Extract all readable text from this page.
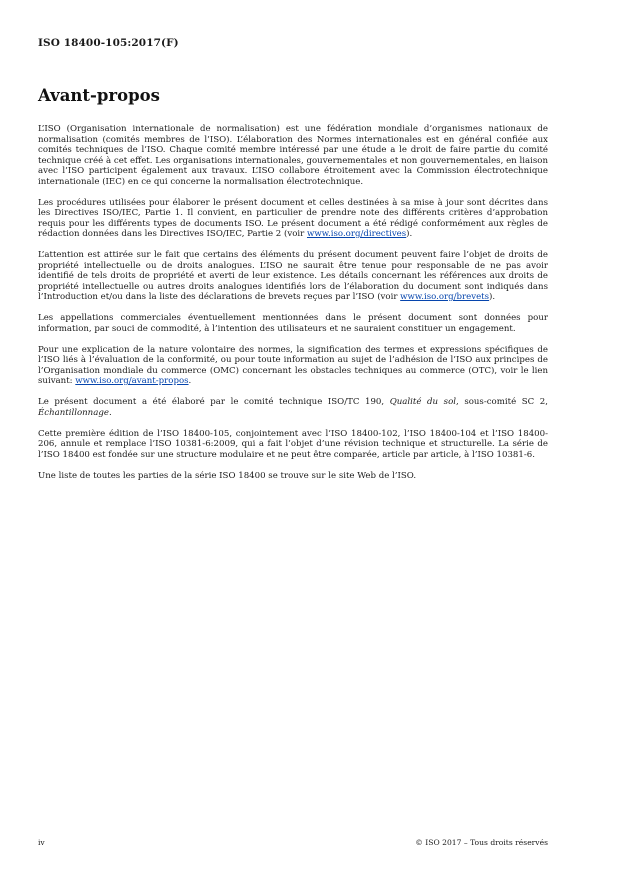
ISO 18400-105:2017(F)
Avant-propos

L’ISO (Organisation internationale de normalisation) est une fédération mondiale d’organismes nationaux de normalisation (comités membres de l’ISO). L’élaboration des Normes internationales est en général confiée aux comités techniques de l’ISO. Chaque comité membre intéressé par une étude a le droit de faire partie du comité technique créé à cet effet. Les organisations internationales, gouvernementales et non gouvernementales, en liaison avec l’ISO participent également aux travaux. L’ISO collabore étroitement avec la Commission électrotechnique internationale (IEC) en ce qui concerne la normalisation électrotechnique.

Les procédures utilisées pour élaborer le présent document et celles destinées à sa mise à jour sont décrites dans les Directives ISO/IEC, Partie 1. Il convient, en particulier de prendre note des différents critères d’approbation requis pour les différents types de documents ISO. Le présent document a été rédigé conformément aux règles de rédaction données dans les Directives ISO/IEC, Partie 2 (voir www.iso.org/directives).

L’attention est attirée sur le fait que certains des éléments du présent document peuvent faire l’objet de droits de propriété intellectuelle ou de droits analogues. L’ISO ne saurait être tenue pour responsable de ne pas avoir identifié de tels droits de propriété et averti de leur existence. Les détails concernant les références aux droits de propriété intellectuelle ou autres droits analogues identifiés lors de l’élaboration du document sont indiqués dans l’Introduction et/ou dans la liste des déclarations de brevets reçues par l’ISO (voir www.iso.org/brevets).

Les appellations commerciales éventuellement mentionnées dans le présent document sont données pour information, par souci de commodité, à l’intention des utilisateurs et ne sauraient constituer un engagement.

Pour une explication de la nature volontaire des normes, la signification des termes et expressions spécifiques de l’ISO liés à l’évaluation de la conformité, ou pour toute information au sujet de l’adhésion de l’ISO aux principes de l’Organisation mondiale du commerce (OMC) concernant les obstacles techniques au commerce (OTC), voir le lien suivant: www.iso.org/avant-propos.

Le présent document a été élaboré par le comité technique ISO/TC 190, Qualité du sol, sous-comité SC 2, Échantillonnage.

Cette première édition de l’ISO 18400-105, conjointement avec l’ISO 18400-102, l’ISO 18400-104 et l’ISO 18400-206, annule et remplace l’ISO 10381-6:2009, qui a fait l’objet d’une révision technique et structurelle. La série de l’ISO 18400 est fondée sur une structure modulaire et ne peut être comparée, article par article, à l’ISO 10381-6.

Une liste de toutes les parties de la série ISO 18400 se trouve sur le site Web de l’ISO.

iv	© ISO 2017 – Tous droits réservés
